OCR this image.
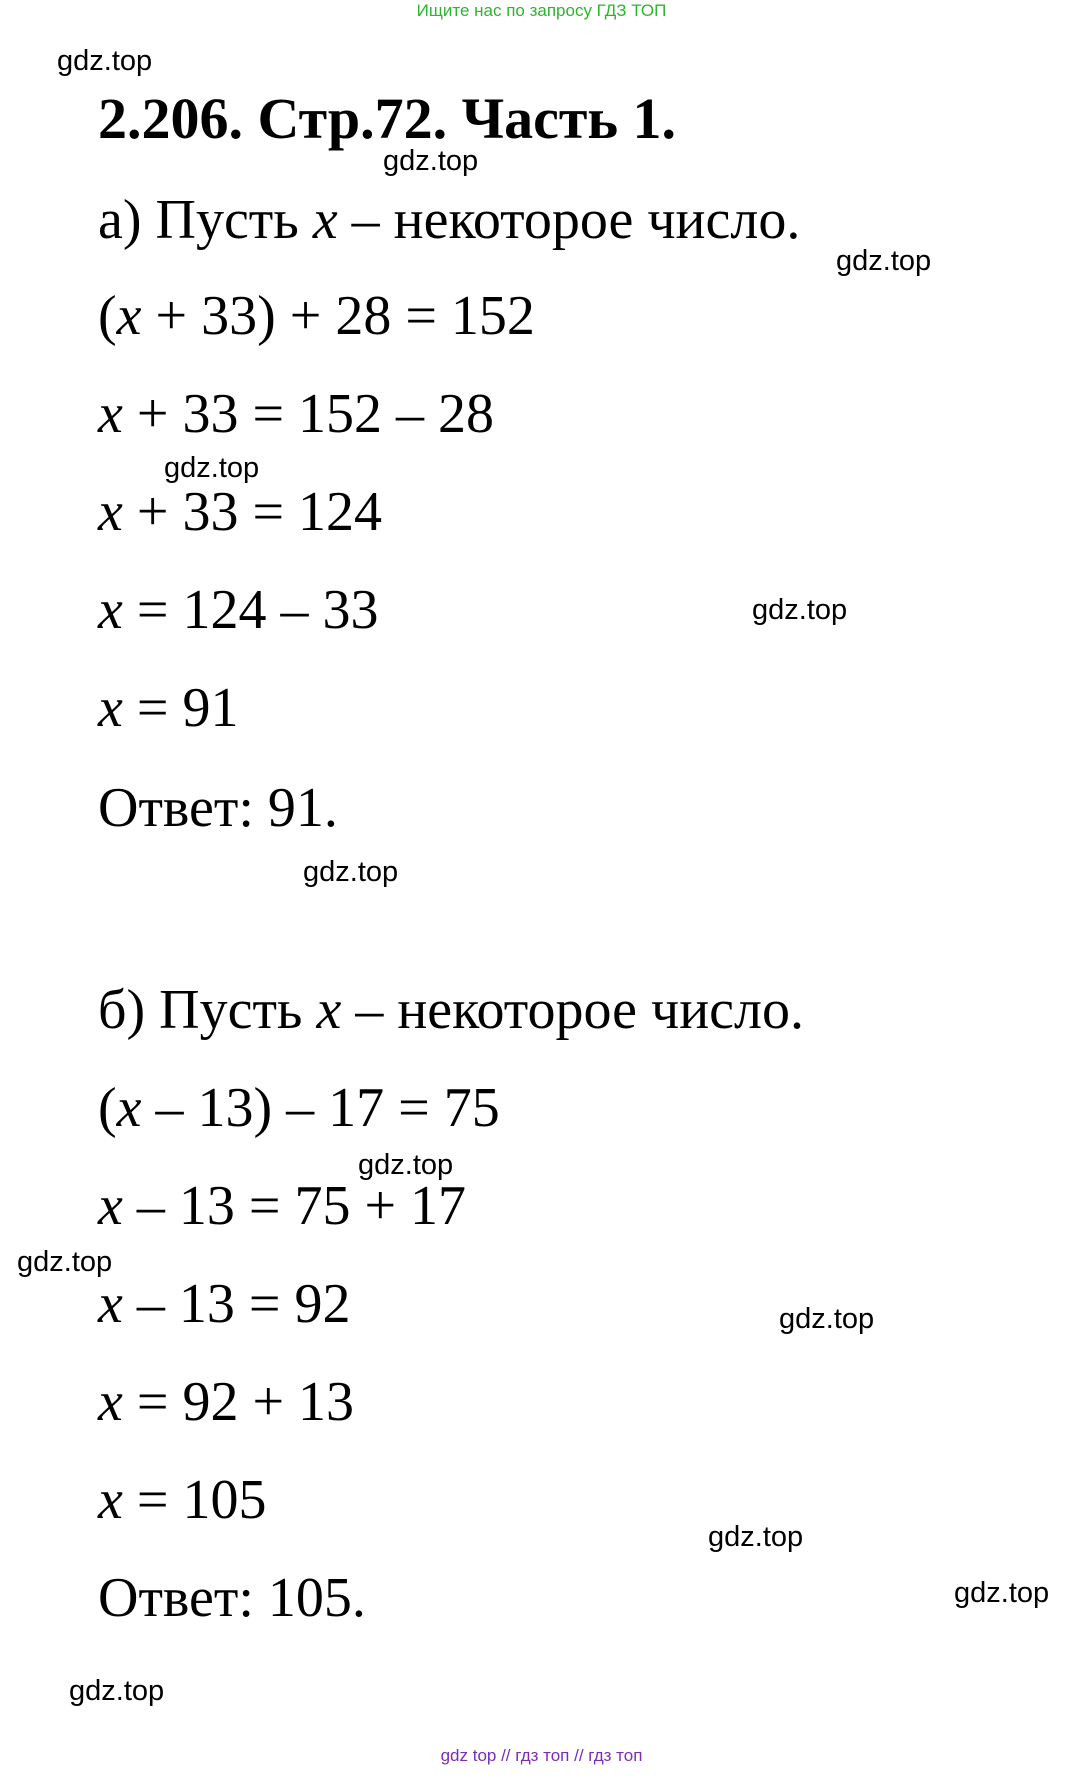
Ищите нас по запросу ГДЗ ТОП
2.206. Стр.72. Часть 1.
а) Пусть x – некоторое число.
(x + 33) + 28 = 152
x + 33 = 152 – 28
x + 33 = 124
x = 124 – 33
x = 91
Ответ: 91.
б) Пусть x – некоторое число.
(x – 13) – 17 = 75
x – 13 = 75 + 17
x – 13 = 92
x = 92 + 13
x = 105
Ответ: 105.
gdz.top
gdz.top
gdz.top
gdz.top
gdz.top
gdz.top
gdz.top
gdz.top
gdz.top
gdz.top
gdz.top
gdz.top
gdz top // гдз топ // гдз топ
